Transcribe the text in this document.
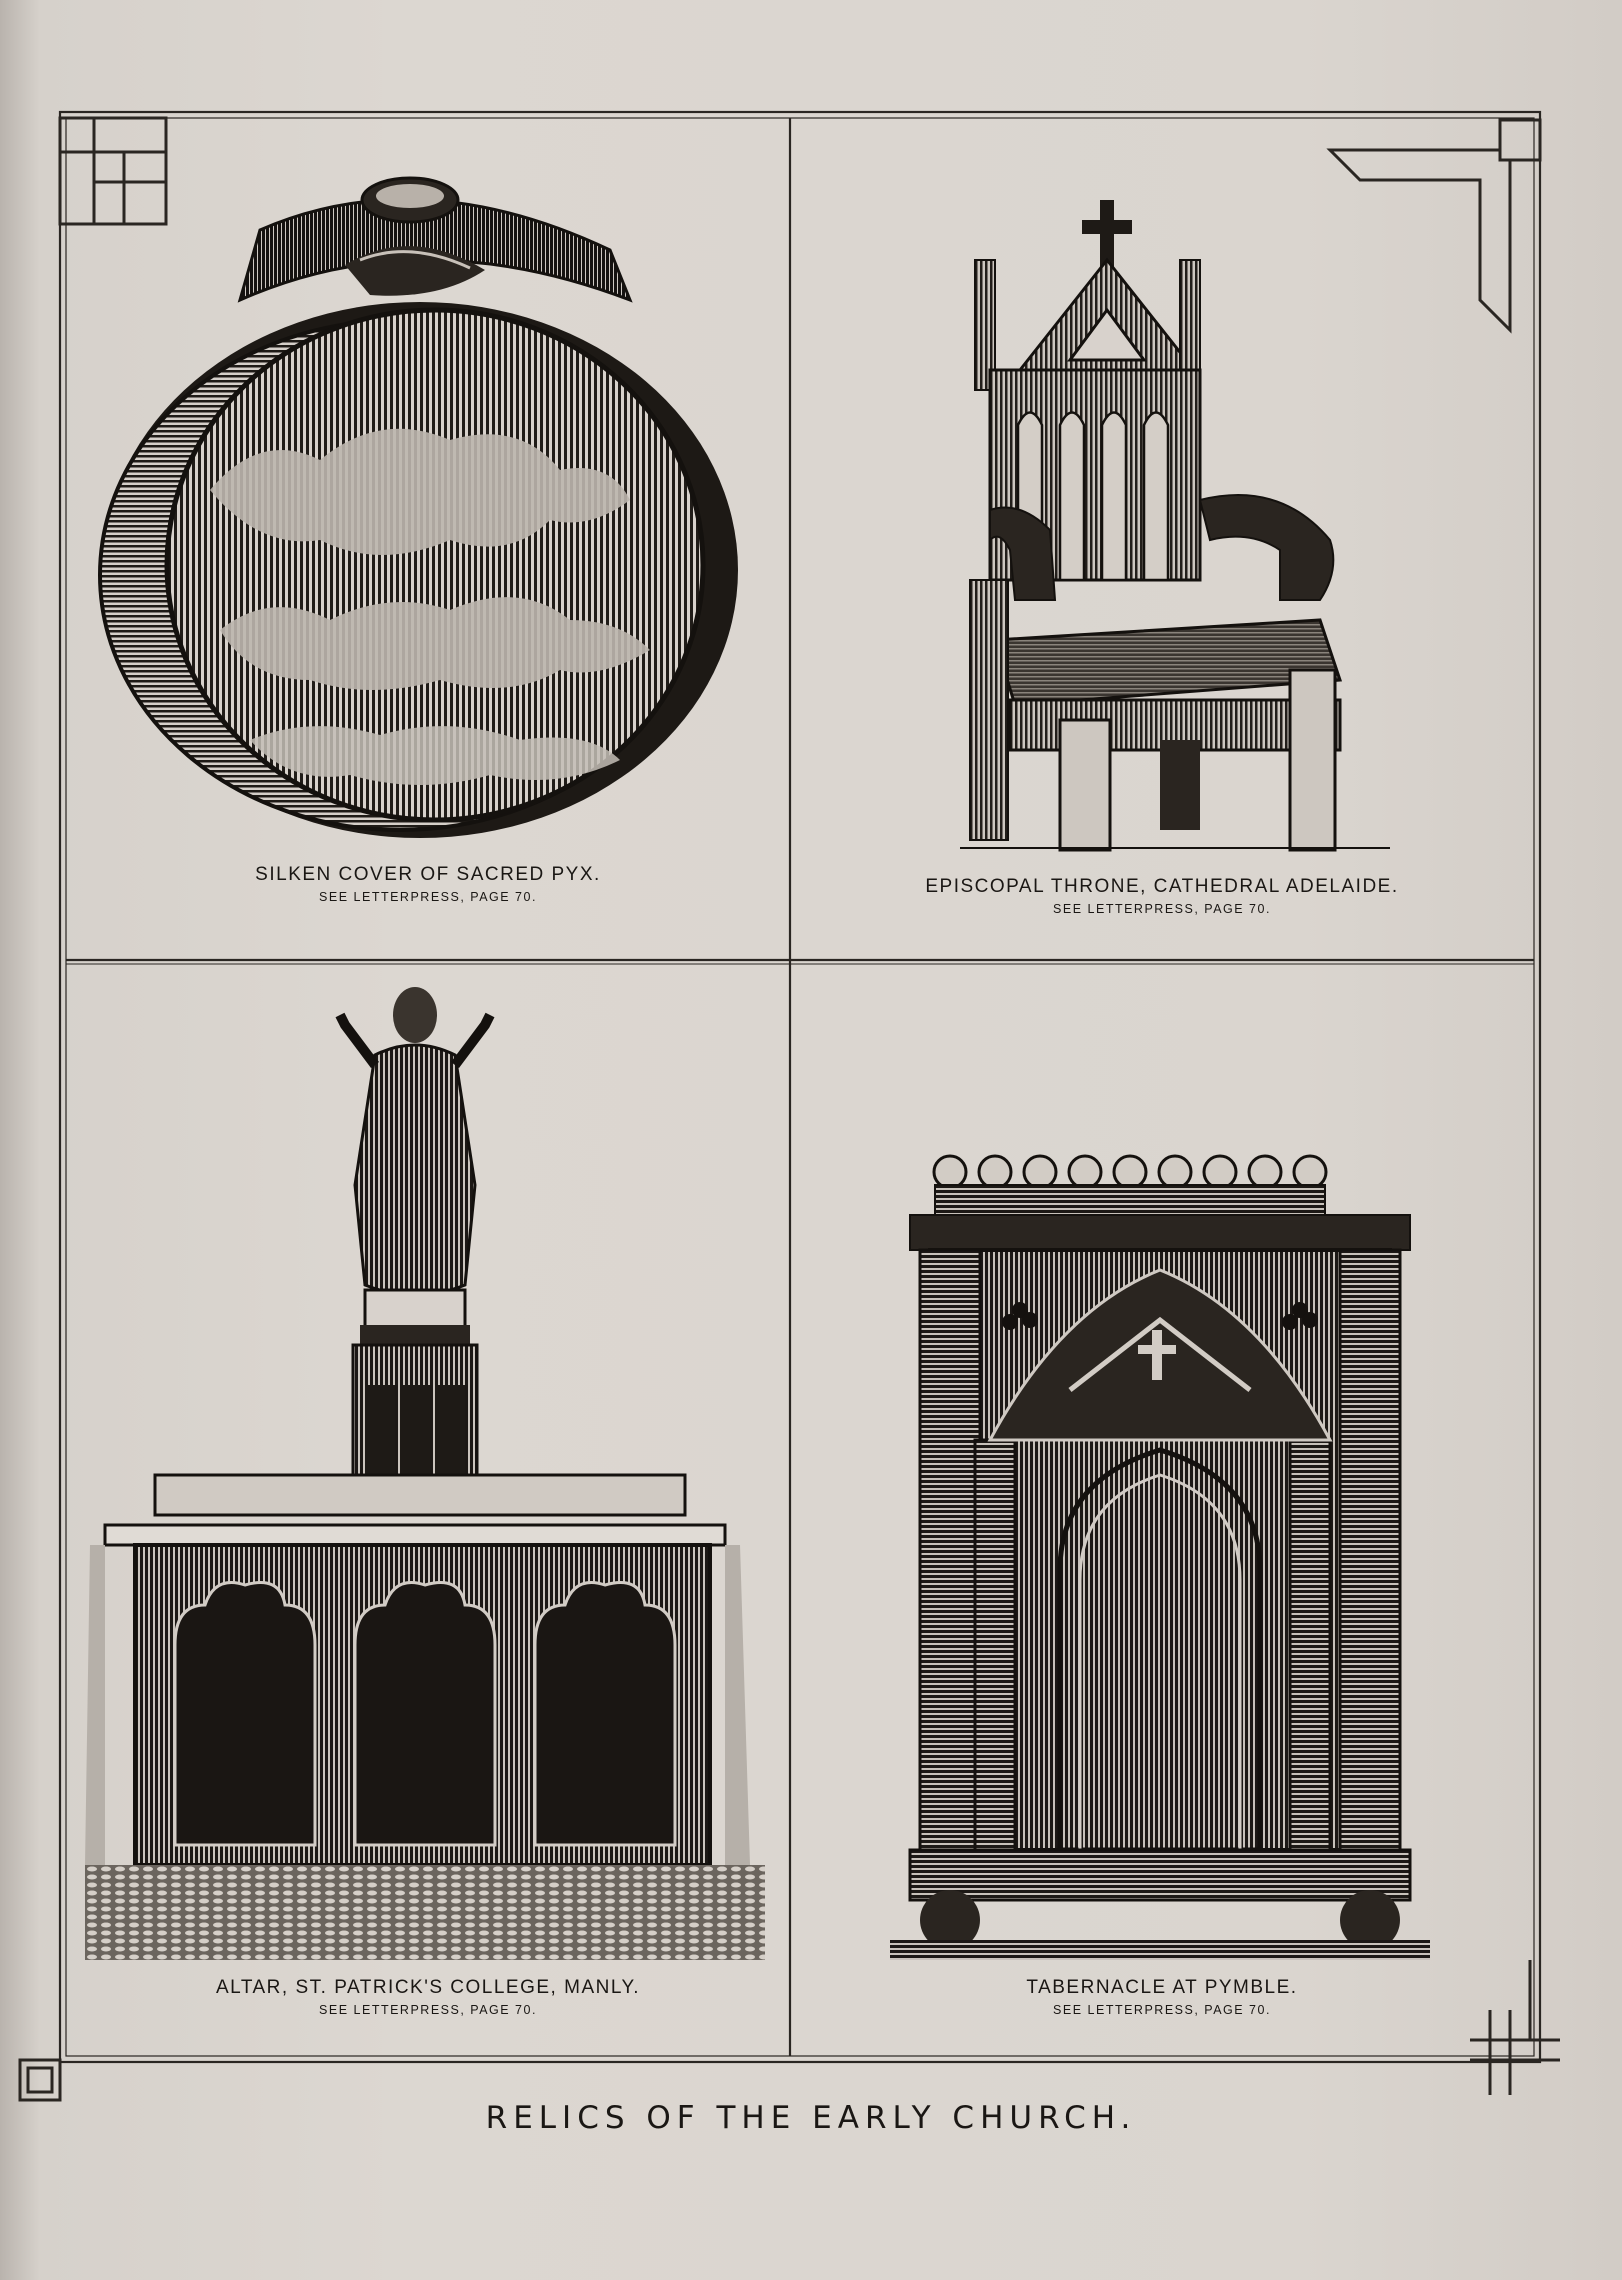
SILKEN COVER OF SACRED PYX.
SEE LETTERPRESS, PAGE 70.	EPISCOPAL THRONE, CATHEDRAL ADELAIDE.
SEE LETTERPRESS, PAGE 70.
ALTAR, ST. PATRICK'S COLLEGE, MANLY.
SEE LETTERPRESS, PAGE 70.
TABERNACLE AT PYMBLE.
SEE LETTERPRESS, PAGE 70.
RELICS OF THE EARLY CHURCH.
